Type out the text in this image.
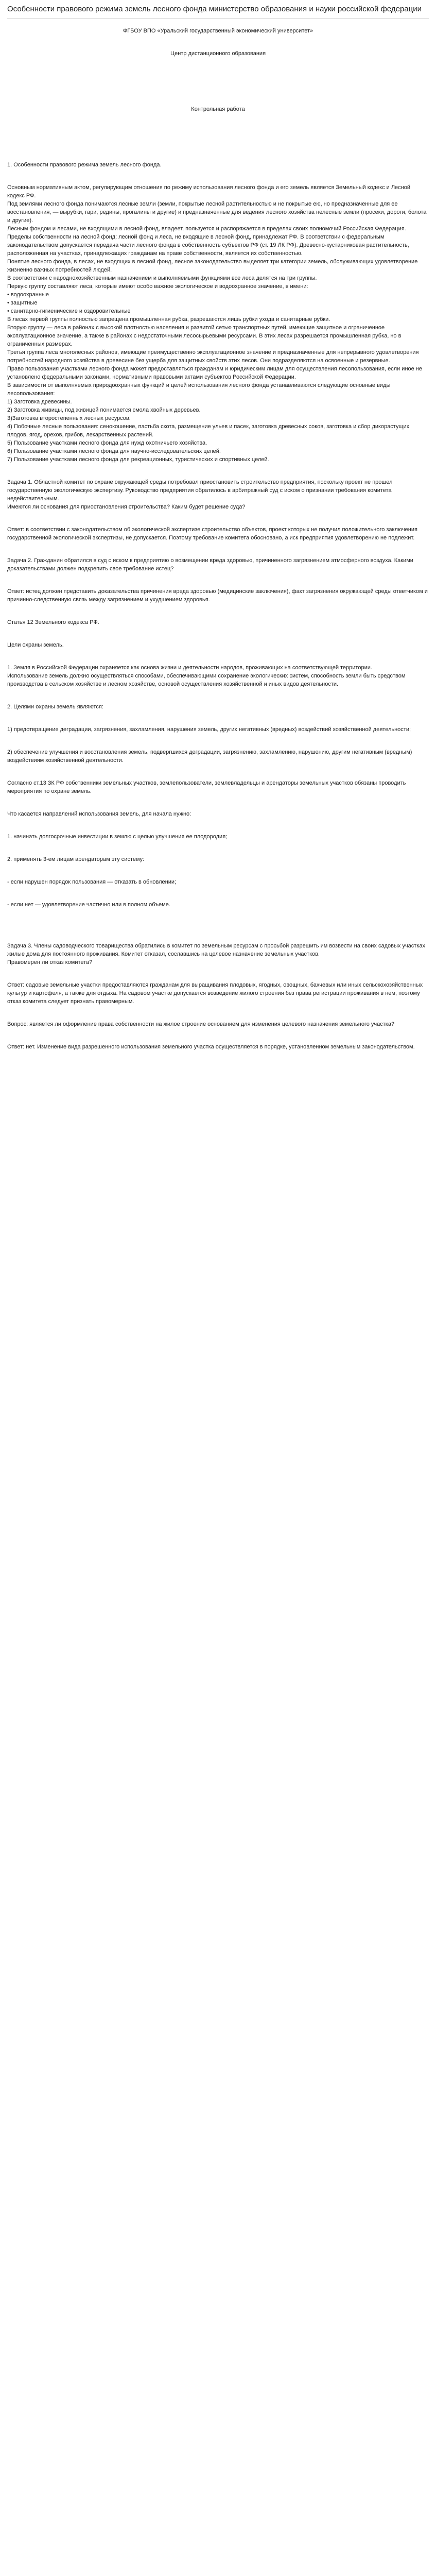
Особенности правового режима земель лесного фонда министерство образования и науки российской федерации

ФГБОУ ВПО «Уральский государственный экономический университет»

Центр дистанционного образования

Контрольная работа

1. Особенности правового режима земель лесного фонда.

Основным нормативным актом, регулирующим отношения по режиму использования лесного фонда и его земель является Земельный кодекс и Лесной кодекс РФ.

Под землями лесного фонда понимаются лесные земли (земли, покрытые лесной растительностью и не покрытые ею, но предназначенные для ее восстановления, — вырубки, гари, редины, прогалины и другие) и предназначенные для ведения лесного хозяйства нелесные земли (просеки, дороги, болота и другие).

Лесным фондом и лесами, не входящими в лесной фонд, владеет, пользуется и распоряжается в пределах своих полномочий Российская Федерация.

Пределы собственности на лесной фонд: лесной фонд и леса, не входящие в лесной фонд, принадлежат РФ. В соответствии с федеральным законодательством допускается передача части лесного фонда в собственность субъектов РФ (ст. 19 ЛК РФ). Древесно-кустарниковая растительность, расположенная на участках, принадлежащих гражданам на праве собственности, является их собственностью.

Понятие лесного фонда, в лесах, не входящих в лесной фонд, лесное законодательство выделяет три категории земель, обслуживающих удовлетворение жизненно важных потребностей людей.

В соответствии с народнохозяйственным назначением и выполняемыми функциями все леса делятся на три группы.

Первую группу составляют леса, которые имеют особо важное экологическое и водоохранное значение, в имени:

• водоохранные

• защитные

• санитарно-гигиенические и оздоровительные

В лесах первой группы полностью запрещена промышленная рубка, разрешаются лишь рубки ухода и санитарные рубки.

Вторую группу — леса в районах с высокой плотностью населения и развитой сетью транспортных путей, имеющие защитное и ограниченное эксплуатационное значение, а также в районах с недостаточными лесосырьевыми ресурсами. В этих лесах разрешается промышленная рубка, но в ограниченных размерах.

Третья группа леса многолесных районов, имеющие преимущественно эксплуатационное значение и предназначенные для непрерывного удовлетворения потребностей народного хозяйства в древесине без ущерба для защитных свойств этих лесов. Они подразделяются на освоенные и резервные.

Право пользования участками лесного фонда может предоставляться гражданам и юридическим лицам для осуществления лесопользования, если иное не установлено федеральными законами, нормативными правовыми актами субъектов Российской Федерации.

В зависимости от выполняемых природоохранных функций и целей использования лесного фонда устанавливаются следующие основные виды лесопользования:

1) Заготовка древесины.

2) Заготовка живицы, под живицей понимается смола хвойных деревьев.

3)Заготовка второстепенных лесных ресурсов.

4) Побочные лесные пользования: сенокошение, пастьба скота, размещение ульев и пасек, заготовка древесных соков, заготовка и сбор дикорастущих плодов, ягод, орехов, грибов, лекарственных растений.

5) Пользование участками лесного фонда для нужд охотничьего хозяйства.

6) Пользование участками лесного фонда для научно-исследовательских целей.

7) Пользование участками лесного фонда для рекреационных, туристических и спортивных целей.

Задача 1. Областной комитет по охране окружающей среды потребовал приостановить строительство предприятия, поскольку проект не прошел государственную экологическую экспертизу. Руководство предприятия обратилось в арбитражный суд с иском о признании требования комитета недействительным.

Имеются ли основания для приостановления строительства? Каким будет решение суда?

Ответ: в соответствии с законодательством об экологической экспертизе строительство объектов, проект которых не получил положительного заключения государственной экологической экспертизы, не допускается. Поэтому требование комитета обосновано, а иск предприятия удовлетворению не подлежит.

Задача 2. Гражданин обратился в суд с иском к предприятию о возмещении вреда здоровью, причиненного загрязнением атмосферного воздуха. Какими доказательствами должен подкрепить свое требование истец?

Ответ: истец должен представить доказательства причинения вреда здоровью (медицинские заключения), факт загрязнения окружающей среды ответчиком и причинно-следственную связь между загрязнением и ухудшением здоровья.

Статья 12 Земельного кодекса РФ.

Цели охраны земель.

1. Земля в Российской Федерации охраняется как основа жизни и деятельности народов, проживающих на соответствующей территории.

Использование земель должно осуществляться способами, обеспечивающими сохранение экологических систем, способность земли быть средством производства в сельском хозяйстве и лесном хозяйстве, основой осуществления хозяйственной и иных видов деятельности.

2. Целями охраны земель являются:

1) предотвращение деградации, загрязнения, захламления, нарушения земель, других негативных (вредных) воздействий хозяйственной деятельности;

2) обеспечение улучшения и восстановления земель, подвергшихся деградации, загрязнению, захламлению, нарушению, другим негативным (вредным) воздействиям хозяйственной деятельности.

Согласно ст.13 ЗК РФ собственники земельных участков, землепользователи, землевладельцы и арендаторы земельных участков обязаны проводить мероприятия по охране земель.

Что касается направлений использования земель, для начала нужно:

1. начинать долгосрочные инвестиции в землю с целью улучшения ее плодородия;

2. применять 3-ем лицам арендаторам эту систему:

- если нарушен порядок пользования — отказать в обновлении;

- если нет — удовлетворение частично или в полном объеме.

Задача 3. Члены садоводческого товарищества обратились в комитет по земельным ресурсам с просьбой разрешить им возвести на своих садовых участках жилые дома для постоянного проживания. Комитет отказал, сославшись на целевое назначение земельных участков.

Правомерен ли отказ комитета?

Ответ: садовые земельные участки предоставляются гражданам для выращивания плодовых, ягодных, овощных, бахчевых или иных сельскохозяйственных культур и картофеля, а также для отдыха. На садовом участке допускается возведение жилого строения без права регистрации проживания в нем, поэтому отказ комитета следует признать правомерным.

Вопрос: является ли оформление права собственности на жилое строение основанием для изменения целевого назначения земельного участка?

Ответ: нет. Изменение вида разрешенного использования земельного участка осуществляется в порядке, установленном земельным законодательством.
